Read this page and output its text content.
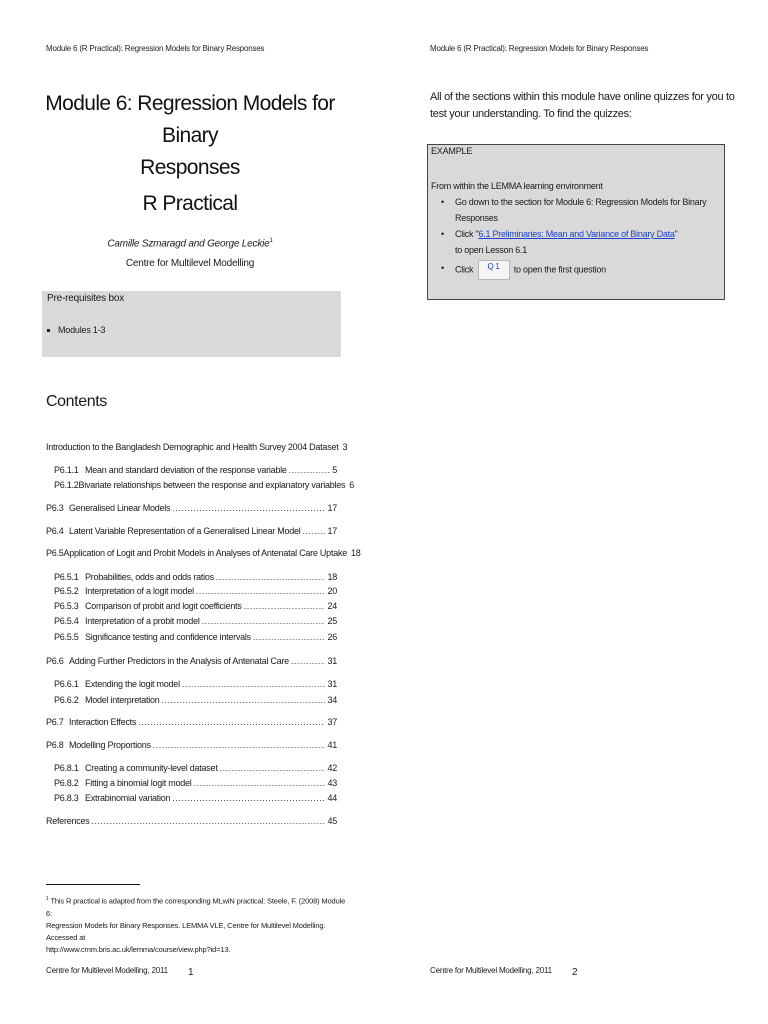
Module 6 (R Practical): Regression Models for Binary Responses
Module 6: Regression Models for Binary
Responses
R Practical
Camille Szmaragd and George Leckie$^1$
Centre for Multilevel Modelling
Pre-requisites box
Modules 1-3
Contents
Introduction to the Bangladesh Demographic and Health Survey 2004 Dataset 3
P6.1.1 Mean and standard deviation of the response variable .....	5
P6.1.2 Bivariate relationships between the response and explanatory variables 6
P6.3 Generalised Linear Models .....	17
P6.4 Latent Variable Representation of a Generalised Linear Model .....	17
P6.5 Application of Logit and Probit Models in Analyses of Antenatal Care Uptake 18
P6.5.1 Probabilities, odds and odds ratios .....	18
P6.5.2 Interpretation of a logit model .....	20
P6.5.3 Comparison of probit and logit coefficients .....	24
P6.5.4 Interpretation of a probit model .....	25
P6.5.5 Significance testing and confidence intervals .....	26
P6.6 Adding Further Predictors in the Analysis of Antenatal Care .....	31
P6.6.1 Extending the logit model .....	31
P6.6.2 Model interpretation .....	34
P6.7 Interaction Effects .....	37
P6.8 Modelling Proportions .....	41
P6.8.1 Creating a community-level dataset .....	42
P6.8.2 Fitting a binomial logit model .....	43
P6.8.3 Extrabinomial variation .....	44
References .....	45
$^1$ This R practical is adapted from the corresponding MLwiN practical: Steele, F. (2008) Module 6:
Regression Models for Binary Responses. LEMMA VLE, Centre for Multilevel Modelling. Accessed at
http://www.cmm.bris.ac.uk/lemma/course/view.php?id=13.
Centre for Multilevel Modelling, 2011 1
Module 6 (R Practical): Regression Models for Binary Responses
All of the sections within this module have online quizzes for you to
test your understanding. To find the quizzes:
EXAMPLE
From within the LEMMA learning environment
• Go down to the section for Module 6: Regression Models for Binary Responses
• Click "6.1 Preliminaries: Mean and Variance of Binary Data"
to open Lesson 6.1
• Click Q 1 to open the first question
Centre for Multilevel Modelling, 2011 2
